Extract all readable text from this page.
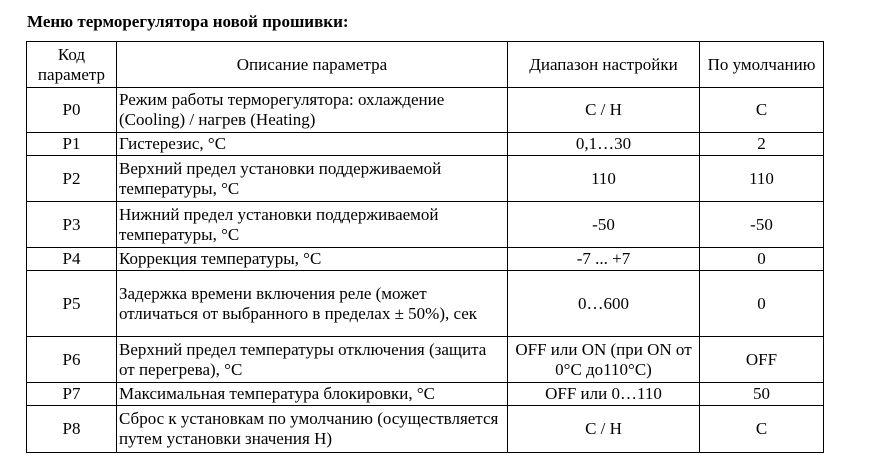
Меню терморегулятора новой прошивки:
Код параметр	Описание параметра	Диапазон настройки	По умолчанию
P0	Режим работы терморегулятора: охлаждение (Cooling) / нагрев (Heating)	C / H	C
P1	Гистерезис, °C	0,1…30	2
P2	Верхний предел установки поддерживаемой температуры, °C	110	110
P3	Нижний предел установки поддерживаемой температуры, °C	-50	-50
P4	Коррекция температуры, °C	-7 ... +7	0
P5	Задержка времени включения реле (может отличаться от выбранного в пределах ± 50%), сек	0…600	0
P6	Верхний предел температуры отключения (защита от перегрева), °C	OFF или ON (при ON от 0°C до110°C)	OFF
P7	Максимальная температура блокировки, °C	OFF или 0…110	50
P8	Сброс к установкам по умолчанию (осуществляется путем установки значения H)	C / H	C
